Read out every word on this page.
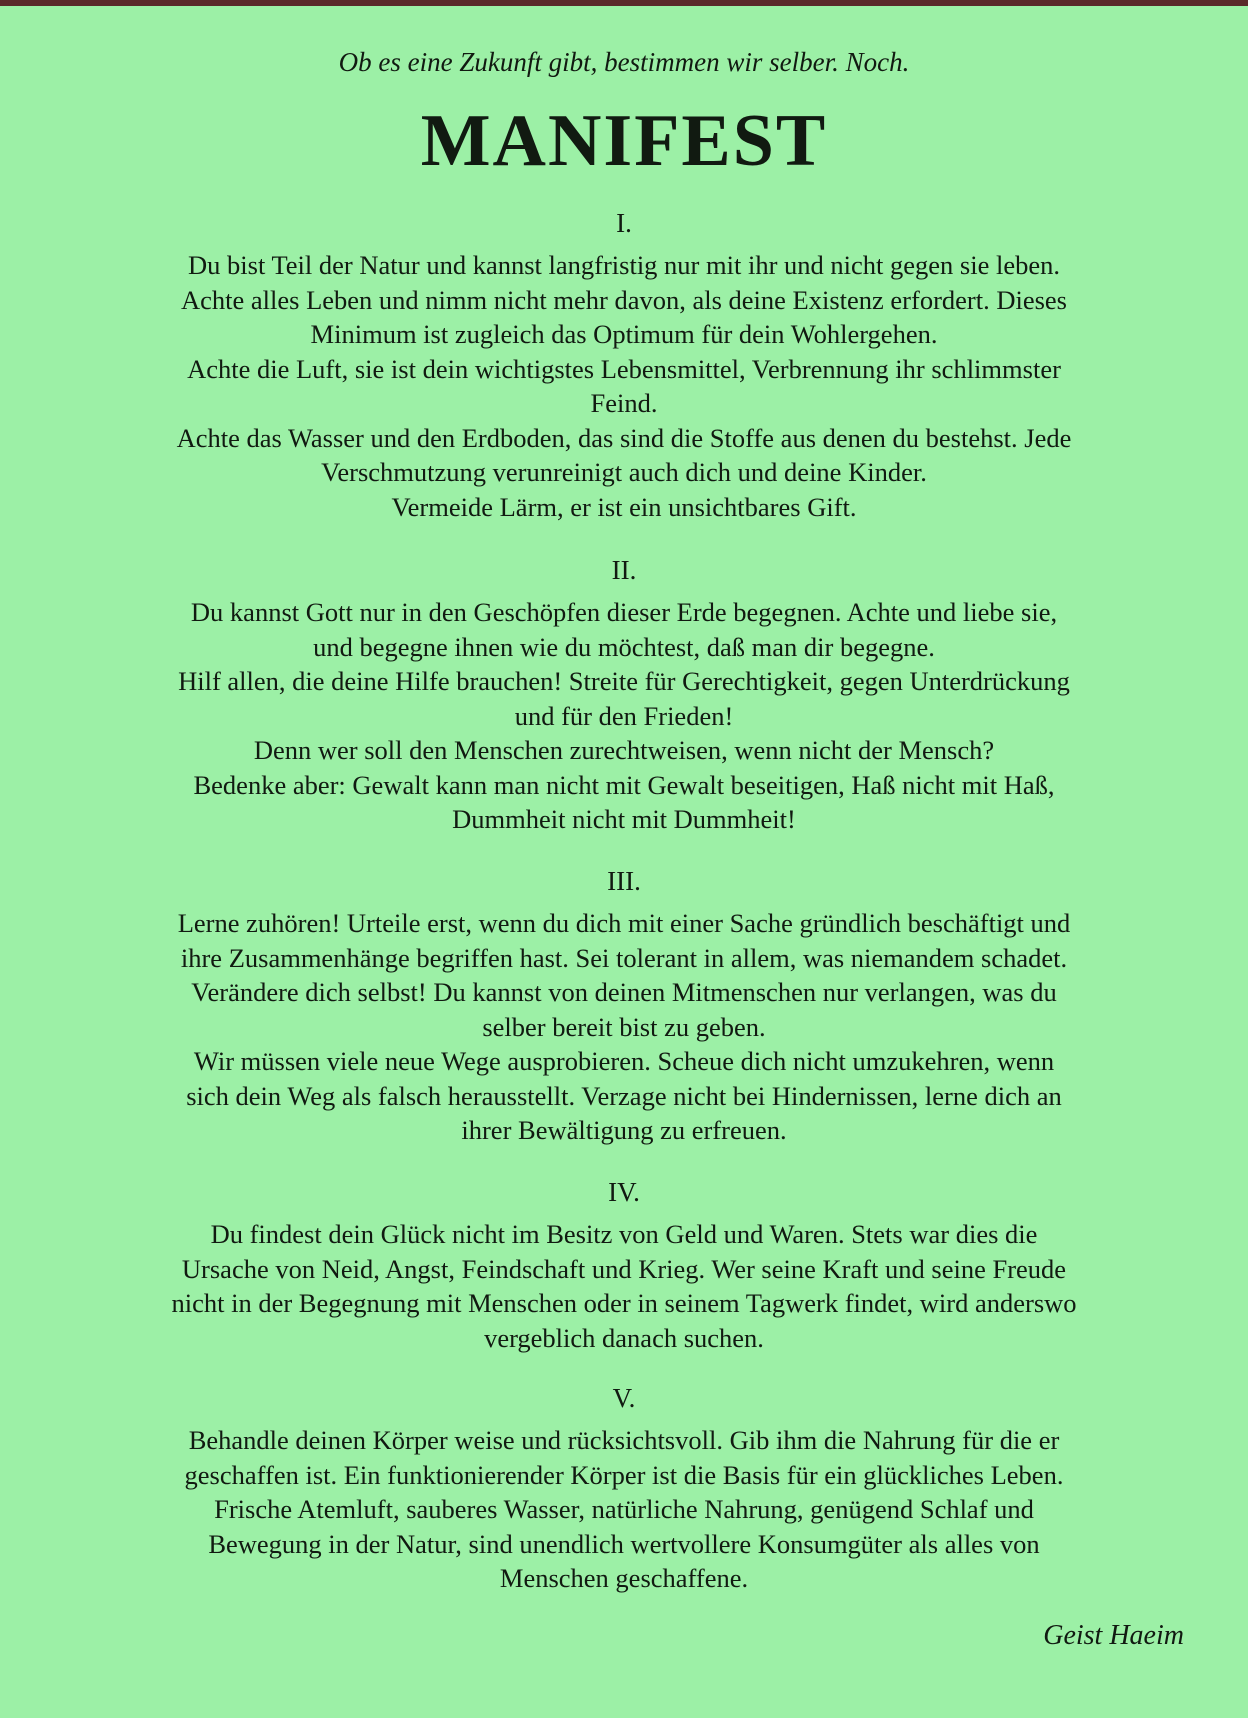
Ob es eine Zukunft gibt, bestimmen wir selber. Noch.
MANIFEST
I.
Du bist Teil der Natur und kannst langfristig nur mit ihr und nicht gegen sie leben.
Achte alles Leben und nimm nicht mehr davon, als deine Existenz erfordert. Dieses
Minimum ist zugleich das Optimum für dein Wohlergehen.
Achte die Luft, sie ist dein wichtigstes Lebensmittel, Verbrennung ihr schlimmster
Feind.
Achte das Wasser und den Erdboden, das sind die Stoffe aus denen du bestehst. Jede
Verschmutzung verunreinigt auch dich und deine Kinder.
Vermeide Lärm, er ist ein unsichtbares Gift.
II.
Du kannst Gott nur in den Geschöpfen dieser Erde begegnen. Achte und liebe sie,
und begegne ihnen wie du möchtest, daß man dir begegne.
Hilf allen, die deine Hilfe brauchen! Streite für Gerechtigkeit, gegen Unterdrückung
und für den Frieden!
Denn wer soll den Menschen zurechtweisen, wenn nicht der Mensch?
Bedenke aber: Gewalt kann man nicht mit Gewalt beseitigen, Haß nicht mit Haß,
Dummheit nicht mit Dummheit!
III.
Lerne zuhören! Urteile erst, wenn du dich mit einer Sache gründlich beschäftigt und
ihre Zusammenhänge begriffen hast. Sei tolerant in allem, was niemandem schadet.
Verändere dich selbst! Du kannst von deinen Mitmenschen nur verlangen, was du
selber bereit bist zu geben.
Wir müssen viele neue Wege ausprobieren. Scheue dich nicht umzukehren, wenn
sich dein Weg als falsch herausstellt. Verzage nicht bei Hindernissen, lerne dich an
ihrer Bewältigung zu erfreuen.
IV.
Du findest dein Glück nicht im Besitz von Geld und Waren. Stets war dies die
Ursache von Neid, Angst, Feindschaft und Krieg. Wer seine Kraft und seine Freude
nicht in der Begegnung mit Menschen oder in seinem Tagwerk findet, wird anderswo
vergeblich danach suchen.
V.
Behandle deinen Körper weise und rücksichtsvoll. Gib ihm die Nahrung für die er
geschaffen ist. Ein funktionierender Körper ist die Basis für ein glückliches Leben.
Frische Atemluft, sauberes Wasser, natürliche Nahrung, genügend Schlaf und
Bewegung in der Natur, sind unendlich wertvollere Konsumgüter als alles von
Menschen geschaffene.
Geist Haeim
